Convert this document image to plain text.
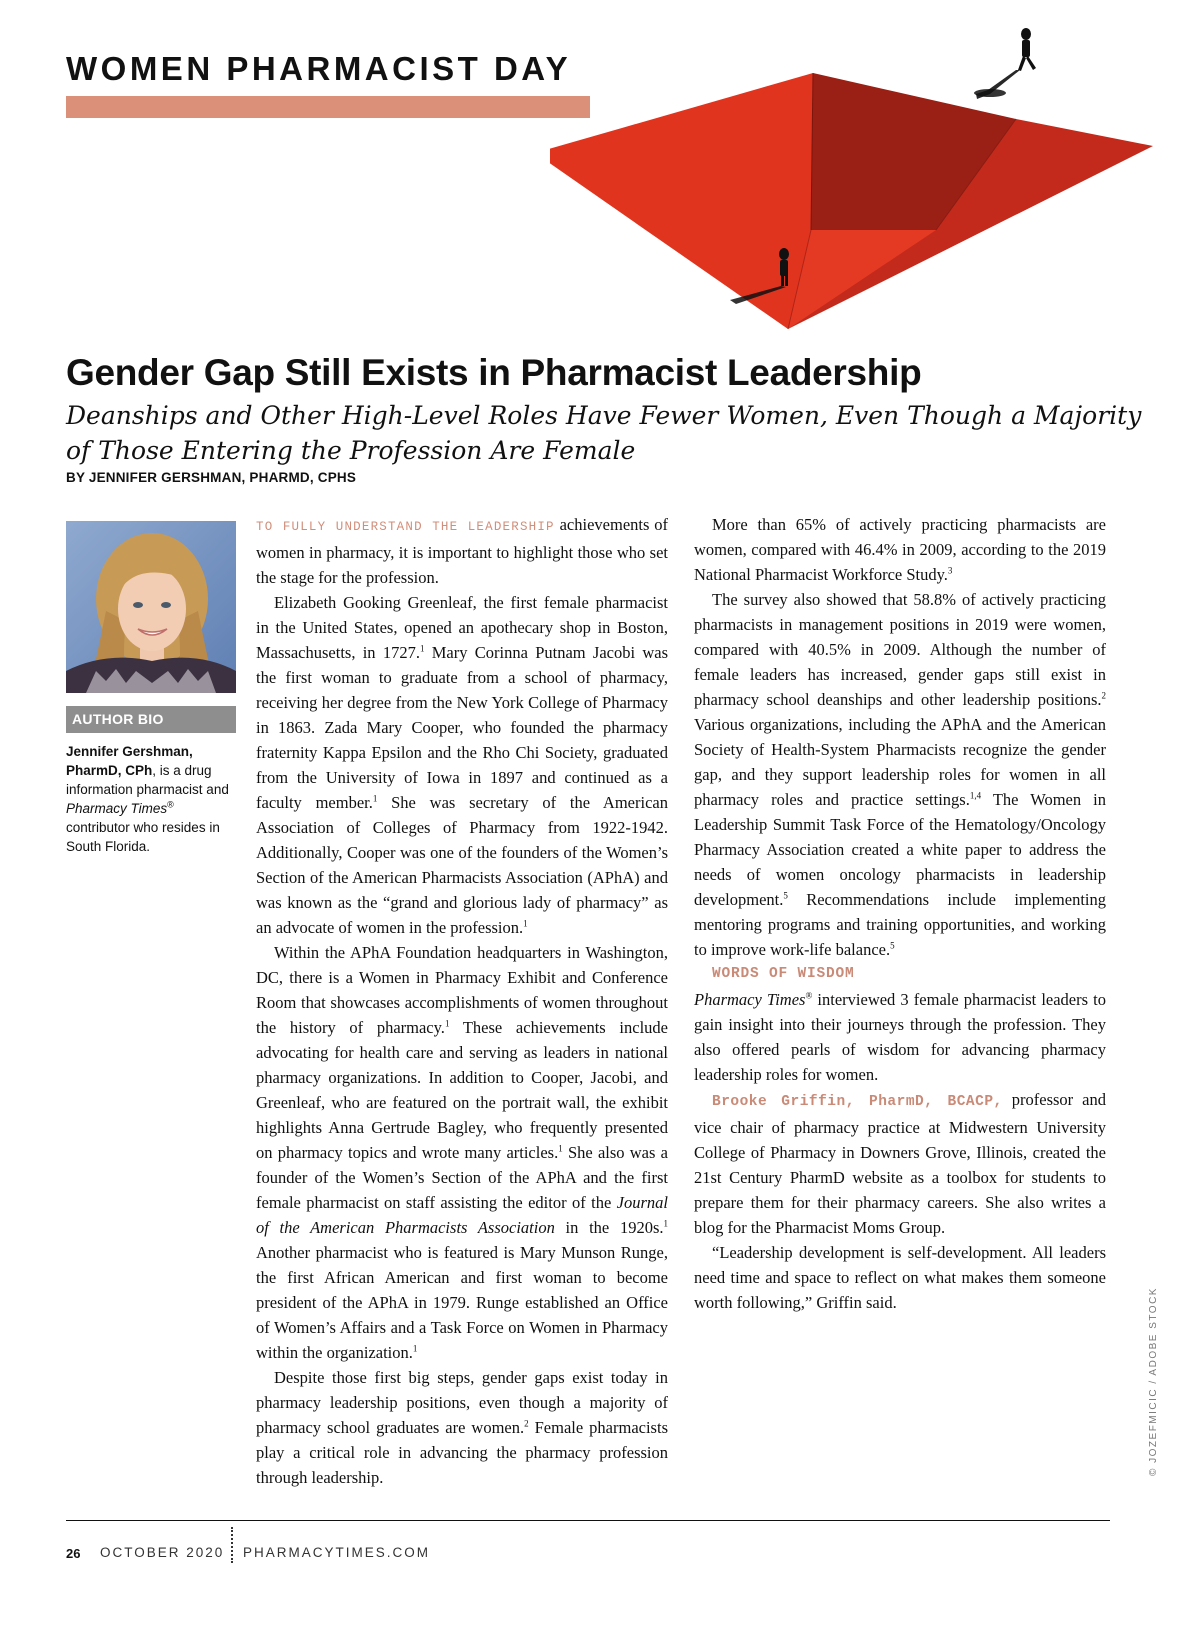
WOMEN PHARMACIST DAY
Gender Gap Still Exists in Pharmacist Leadership

Deanships and Other High-Level Roles Have Fewer Women, Even Though a Majority of Those Entering the Profession Are Female

BY JENNIFER GERSHMAN, PHARMD, CPHS

AUTHOR BIO

Jennifer Gershman, PharmD, CPh, is a drug information pharmacist and Pharmacy Times® contributor who resides in South Florida.

TO FULLY UNDERSTAND THE LEADERSHIP achievements of women in pharmacy, it is important to highlight those who set the stage for the profession.

Elizabeth Gooking Greenleaf, the first female pharmacist in the United States, opened an apothecary shop in Boston, Massachusetts, in 1727.$^1$ Mary Corinna Putnam Jacobi was the first woman to graduate from a school of pharmacy, receiving her degree from the New York College of Pharmacy in 1863. Zada Mary Cooper, who founded the pharmacy fraternity Kappa Epsilon and the Rho Chi Society, graduated from the University of Iowa in 1897 and continued as a faculty member.$^1$ She was secretary of the American Association of Colleges of Pharmacy from 1922-1942. Additionally, Cooper was one of the founders of the Women’s Section of the American Pharmacists Association (APhA) and was known as the “grand and glorious lady of pharmacy” as an advocate of women in the profession.$^1$

Within the APhA Foundation headquarters in Washington, DC, there is a Women in Pharmacy Exhibit and Conference Room that showcases accomplishments of women throughout the history of pharmacy.$^1$ These achievements include advocating for health care and serving as leaders in national pharmacy organizations. In addition to Cooper, Jacobi, and Greenleaf, who are featured on the portrait wall, the exhibit highlights Anna Gertrude Bagley, who frequently presented on pharmacy topics and wrote many articles.$^1$ She also was a founder of the Women’s Section of the APhA and the first female pharmacist on staff assisting the editor of the Journal of the American Pharmacists Association in the 1920s.$^1$ Another pharmacist who is featured is Mary Munson Runge, the first African American and first woman to become president of the APhA in 1979. Runge established an Office of Women’s Affairs and a Task Force on Women in Pharmacy within the organization.$^1$

Despite those first big steps, gender gaps exist today in pharmacy leadership positions, even though a majority of pharmacy school graduates are women.$^2$ Female pharmacists play a critical role in advancing the pharmacy profession through leadership.

More than 65% of actively practicing pharmacists are women, compared with 46.4% in 2009, according to the 2019 National Pharmacist Workforce Study.$^3$

The survey also showed that 58.8% of actively practicing pharmacists in management positions in 2019 were women, compared with 40.5% in 2009. Although the number of female leaders has increased, gender gaps still exist in pharmacy school deanships and other leadership positions.$^2$ Various organizations, including the APhA and the American Society of Health-System Pharmacists recognize the gender gap, and they support leadership roles for women in all pharmacy roles and practice settings.$^{1,4}$ The Women in Leadership Summit Task Force of the Hematology/Oncology Pharmacy Association created a white paper to address the needs of women oncology pharmacists in leadership development.$^5$ Recommendations include implementing mentoring programs and training opportunities, and working to improve work-life balance.$^5$

WORDS OF WISDOM

Pharmacy Times® interviewed 3 female pharmacist leaders to gain insight into their journeys through the profession. They also offered pearls of wisdom for advancing pharmacy leadership roles for women.

Brooke Griffin, PharmD, BCACP, professor and vice chair of pharmacy practice at Midwestern University College of Pharmacy in Downers Grove, Illinois, created the 21st Century PharmD website as a toolbox for students to prepare them for their pharmacy careers. She also writes a blog for the Pharmacist Moms Group.

“Leadership development is self-development. All leaders need time and space to reflect on what makes them someone worth following,” Griffin said.	© JOZEFMICIC / ADOBE STOCK
26 OCTOBER 2020 PHARMACYTIMES.COM
